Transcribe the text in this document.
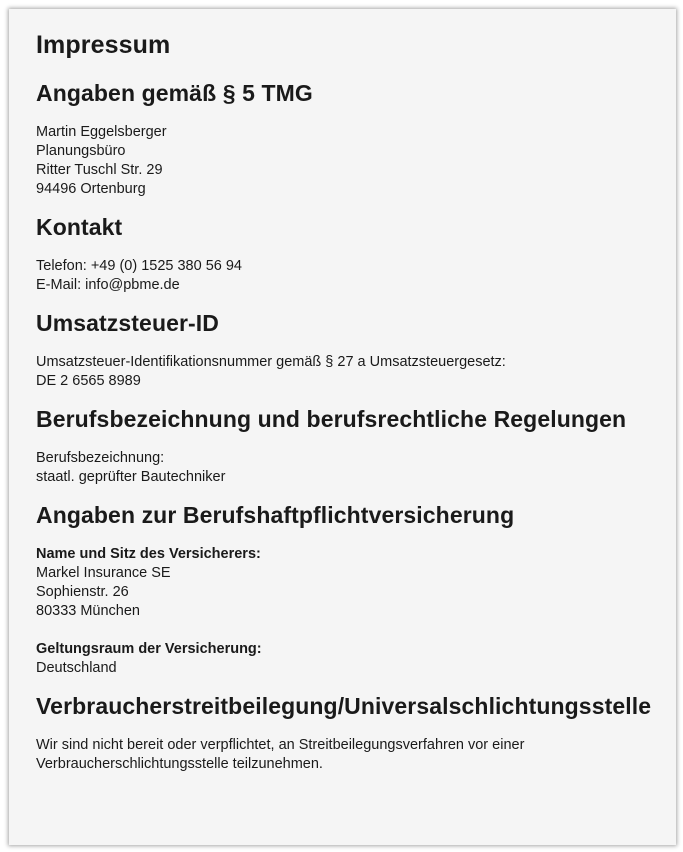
Impressum
Angaben gemäß § 5 TMG
Martin Eggelsberger
Planungsbüro
Ritter Tuschl Str. 29
94496 Ortenburg
Kontakt
Telefon: +49 (0) 1525 380 56 94
E-Mail: info@pbme.de
Umsatzsteuer-ID
Umsatzsteuer-Identifikationsnummer gemäß § 27 a Umsatzsteuergesetz:
DE 2 6565 8989
Berufsbezeichnung und berufsrechtliche Regelungen
Berufsbezeichnung:
staatl. geprüfter Bautechniker
Angaben zur Berufshaftpflichtversicherung
Name und Sitz des Versicherers:
Markel Insurance SE
Sophienstr. 26
80333 München
Geltungsraum der Versicherung:
Deutschland
Verbraucherstreitbeilegung/Universalschlichtungsstelle
Wir sind nicht bereit oder verpflichtet, an Streitbeilegungsverfahren vor einer Verbraucherschlichtungsstelle teilzunehmen.
